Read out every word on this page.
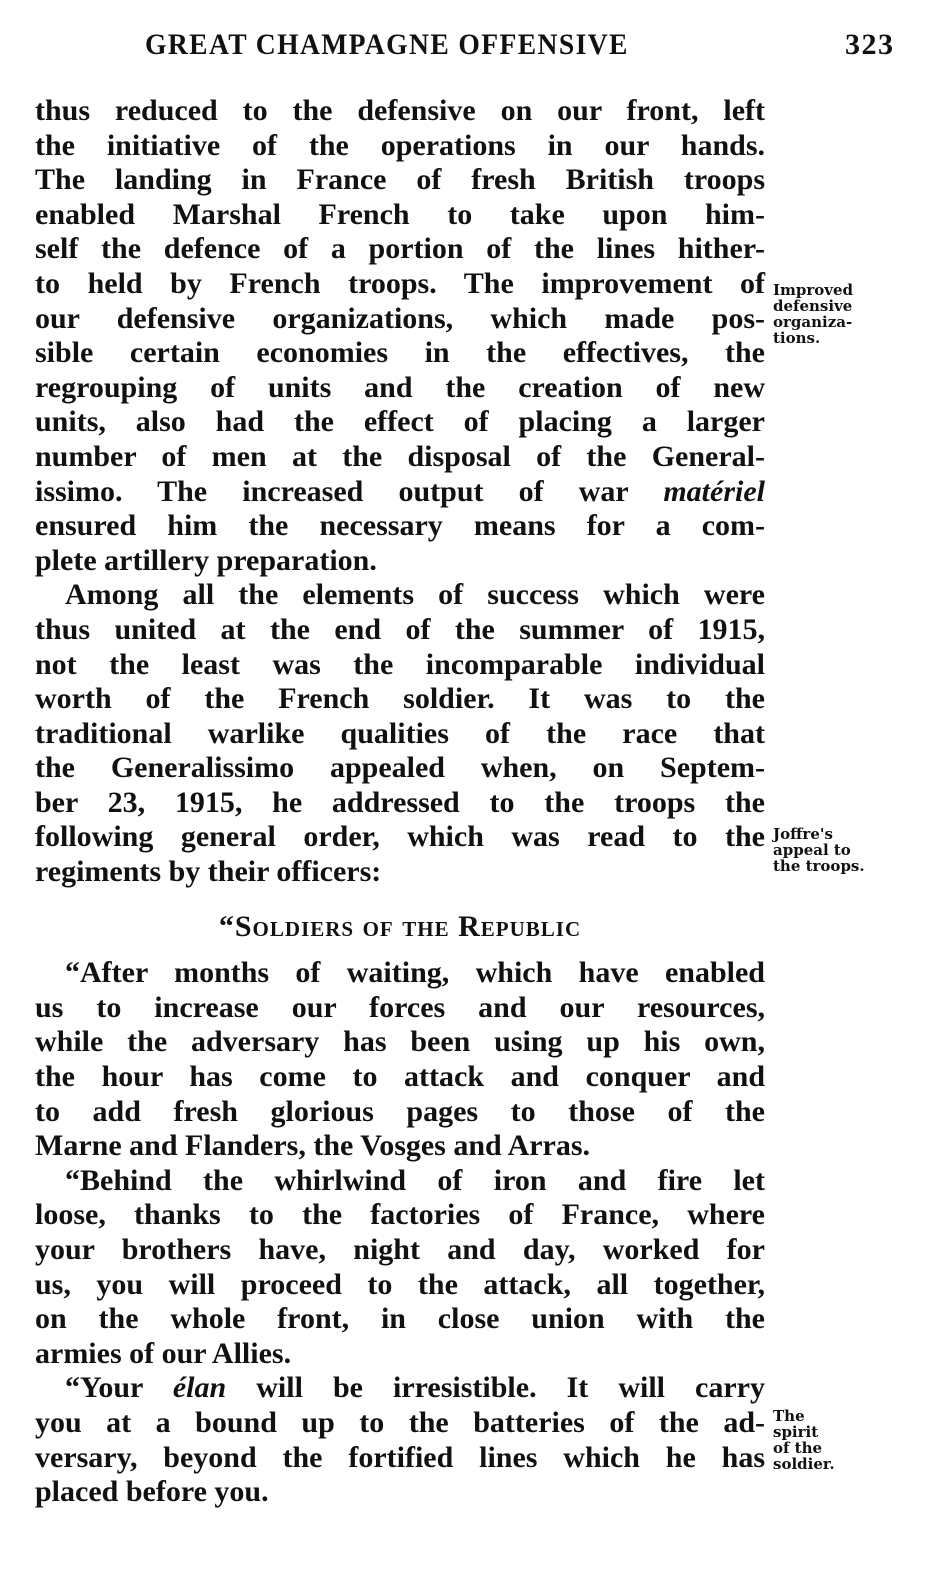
GREAT CHAMPAGNE OFFENSIVE	323
thus reduced to the defensive on our front, left
the initiative of the operations in our hands.
The landing in France of fresh British troops
enabled Marshal French to take upon him-
self the defence of a portion of the lines hither-
to held by French troops. The improvement of
our defensive organizations, which made pos-
sible certain economies in the effectives, the
regrouping of units and the creation of new
units, also had the effect of placing a larger
number of men at the disposal of the General-
issimo. The increased output of war matériel
ensured him the necessary means for a com-
plete artillery preparation.
Among all the elements of success which were
thus united at the end of the summer of 1915,
not the least was the incomparable individual
worth of the French soldier. It was to the
traditional warlike qualities of the race that
the Generalissimo appealed when, on Septem-
ber 23, 1915, he addressed to the troops the
following general order, which was read to the
regiments by their officers:
“Soldiers of the Republic
“After months of waiting, which have enabled
us to increase our forces and our resources,
while the adversary has been using up his own,
the hour has come to attack and conquer and
to add fresh glorious pages to those of the
Marne and Flanders, the Vosges and Arras.
“Behind the whirlwind of iron and fire let
loose, thanks to the factories of France, where
your brothers have, night and day, worked for
us, you will proceed to the attack, all together,
on the whole front, in close union with the
armies of our Allies.
“Your élan will be irresistible. It will carry
you at a bound up to the batteries of the ad-
versary, beyond the fortified lines which he has
placed before you.
Improved
defensive
organiza-
tions.
Joffre's
appeal to
the troops.
The
spirit
of the
soldier.
